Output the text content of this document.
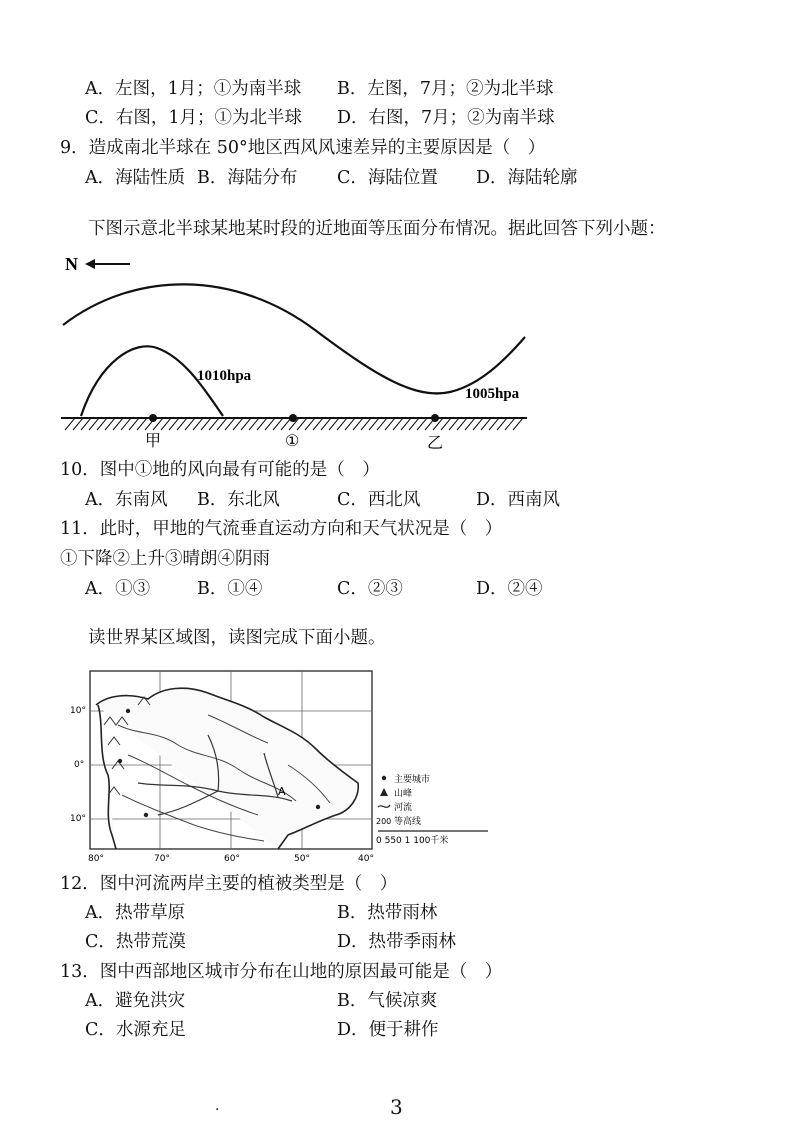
A．左图，1月；①为南半球 B．左图，7月；②为北半球
C．右图，1月；①为北半球 D．右图，7月；②为南半球
9．造成南北半球在 50°地区西风风速差异的主要原因是（　）
A．海陆性质 B．海陆分布 C．海陆位置 D．海陆轮廓
下图示意北半球某地某时段的近地面等压面分布情况。据此回答下列小题：
N
1010hpa
1005hpa
甲	①	乙
10．图中①地的风向最有可能的是（　）
A．东南风 B．东北风	C．西北风	D．西南风
11．此时，甲地的气流垂直运动方向和天气状况是（　）
①下降②上升③晴朗④阴雨
A．①③	B．①④	C．②③	D．②④
读世界某区域图，读图完成下面小题。
A
10°
0°
10°
80°	70°	60°	50°	40°
主要城市
山峰
河流
200 等高线
0 550 1 100千米
12．图中河流两岸主要的植被类型是（　）
A．热带草原	B．热带雨林
C．热带荒漠	D．热带季雨林
13．图中西部地区城市分布在山地的原因最可能是（　）
A．避免洪灾	B．气候凉爽
C．水源充足	D．便于耕作
.	3
